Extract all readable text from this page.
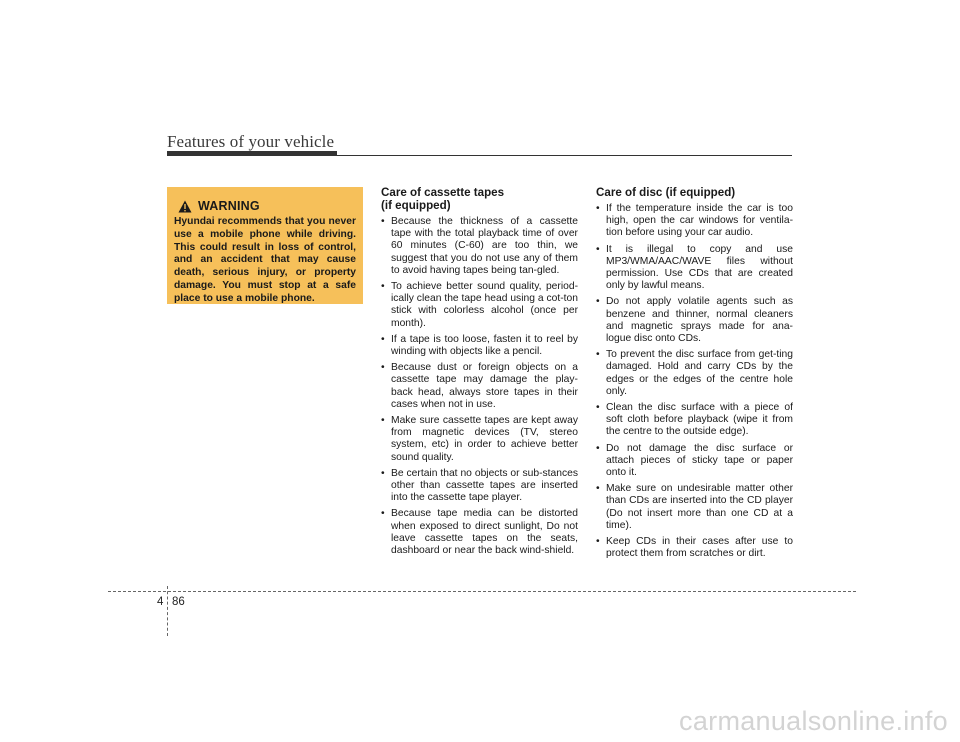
Features of your vehicle
WARNING

Hyundai recommends that you never use a mobile phone while driving. This could result in loss of control, and an accident that may cause death, serious injury, or property damage. You must stop at a safe place to use a mobile phone.

Care of cassette tapes
(if equipped)
• Because the thickness of a cassette tape with the total playback time of over 60 minutes (C-60) are too thin, we suggest that you do not use any of them to avoid having tapes being tan-gled.
• To achieve better sound quality, period-ically clean the tape head using a cot-ton stick with colorless alcohol (once per month).
• If a tape is too loose, fasten it to reel by winding with objects like a pencil.
• Because dust or foreign objects on a cassette tape may damage the play-back head, always store tapes in their cases when not in use.
• Make sure cassette tapes are kept away from magnetic devices (TV, stereo system, etc) in order to achieve better sound quality.
• Be certain that no objects or sub-stances other than cassette tapes are inserted into the cassette tape player.
• Because tape media can be distorted when exposed to direct sunlight, Do not leave cassette tapes on the seats, dashboard or near the back wind-shield.
Care of disc (if equipped)
• If the temperature inside the car is too high, open the car windows for ventila-tion before using your car audio.
• It is illegal to copy and use MP3/WMA/AAC/WAVE files without permission. Use CDs that are created only by lawful means.
• Do not apply volatile agents such as benzene and thinner, normal cleaners and magnetic sprays made for ana-logue disc onto CDs.
• To prevent the disc surface from get-ting damaged. Hold and carry CDs by the edges or the edges of the centre hole only.
• Clean the disc surface with a piece of soft cloth before playback (wipe it from the centre to the outside edge).
• Do not damage the disc surface or attach pieces of sticky tape or paper onto it.
• Make sure on undesirable matter other than CDs are inserted into the CD player (Do not insert more than one CD at a time).
• Keep CDs in their cases after use to protect them from scratches or dirt.
4 86
carmanualsonline.info
